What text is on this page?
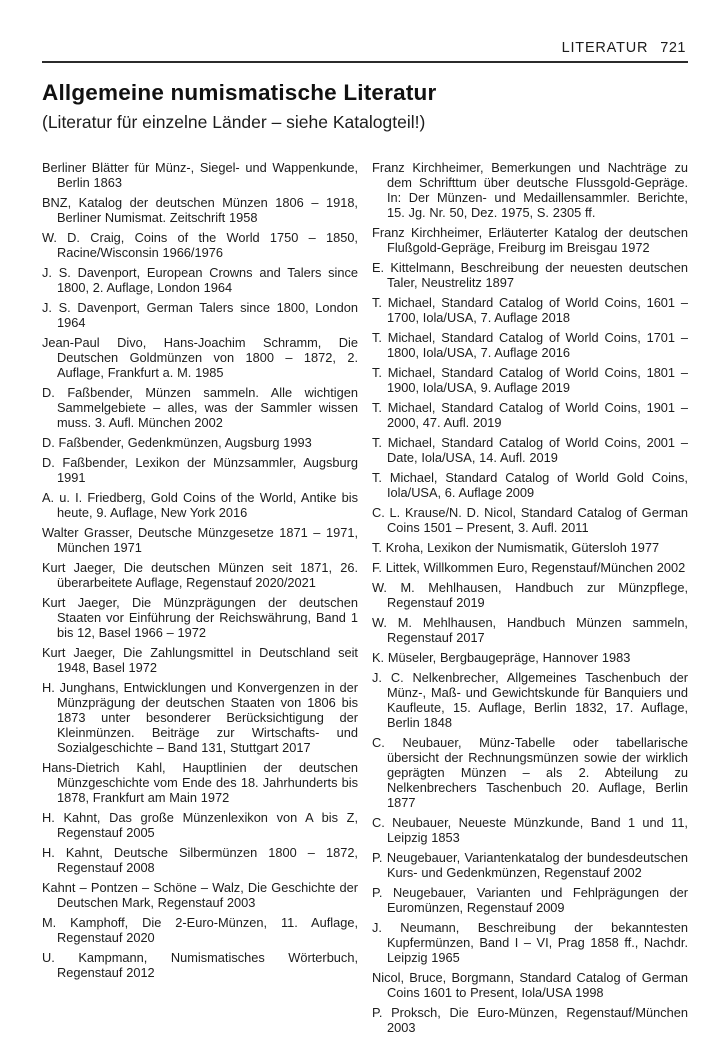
LITERATUR 721
Allgemeine numismatische Literatur

(Literatur für einzelne Länder – siehe Katalogteil!)

Berliner Blätter für Münz-, Siegel- und Wappenkunde, Berlin 1863

BNZ, Katalog der deutschen Münzen 1806 – 1918, Berliner Numismat. Zeitschrift 1958

W. D. Craig, Coins of the World 1750 – 1850, Racine/Wisconsin 1966/1976

J. S. Davenport, European Crowns and Talers since 1800, 2. Auflage, London 1964

J. S. Davenport, German Talers since 1800, London 1964

Jean-Paul Divo, Hans-Joachim Schramm, Die Deutschen Goldmünzen von 1800 – 1872, 2. Auflage, Frankfurt a. M. 1985

D. Faßbender, Münzen sammeln. Alle wichtigen Sammelgebiete – alles, was der Sammler wissen muss. 3. Aufl. München 2002

D. Faßbender, Gedenkmünzen, Augsburg 1993

D. Faßbender, Lexikon der Münzsammler, Augsburg 1991

A. u. I. Friedberg, Gold Coins of the World, Antike bis heute, 9. Auflage, New York 2016

Walter Grasser, Deutsche Münzgesetze 1871 – 1971, München 1971

Kurt Jaeger, Die deutschen Münzen seit 1871, 26. überarbeitete Auflage, Regenstauf 2020/2021

Kurt Jaeger, Die Münzprägungen der deutschen Staaten vor Einführung der Reichswährung, Band 1 bis 12, Basel 1966 – 1972

Kurt Jaeger, Die Zahlungsmittel in Deutschland seit 1948, Basel 1972

H. Junghans, Entwicklungen und Konvergenzen in der Münzprägung der deutschen Staaten von 1806 bis 1873 unter besonderer Berücksichtigung der Kleinmünzen. Beiträge zur Wirtschafts- und Sozialgeschichte – Band 131, Stuttgart 2017

Hans-Dietrich Kahl, Hauptlinien der deutschen Münzgeschichte vom Ende des 18. Jahrhunderts bis 1878, Frankfurt am Main 1972

H. Kahnt, Das große Münzenlexikon von A bis Z, Regenstauf 2005

H. Kahnt, Deutsche Silbermünzen 1800 – 1872, Regenstauf 2008

Kahnt – Pontzen – Schöne – Walz, Die Geschichte der Deutschen Mark, Regenstauf 2003

M. Kamphoff, Die 2-Euro-Münzen, 11. Auflage, Regenstauf 2020

U. Kampmann, Numismatisches Wörterbuch, Regenstauf 2012

Franz Kirchheimer, Bemerkungen und Nachträge zu dem Schrifttum über deutsche Flussgold-Gepräge. In: Der Münzen- und Medaillensammler. Berichte, 15. Jg. Nr. 50, Dez. 1975, S. 2305 ff.

Franz Kirchheimer, Erläuterter Katalog der deutschen Flußgold-Gepräge, Freiburg im Breisgau 1972

E. Kittelmann, Beschreibung der neuesten deutschen Taler, Neustrelitz 1897

T. Michael, Standard Catalog of World Coins, 1601 – 1700, Iola/USA, 7. Auflage 2018

T. Michael, Standard Catalog of World Coins, 1701 – 1800, Iola/USA, 7. Auflage 2016

T. Michael, Standard Catalog of World Coins, 1801 – 1900, Iola/USA, 9. Auflage 2019

T. Michael, Standard Catalog of World Coins, 1901 – 2000, 47. Aufl. 2019

T. Michael, Standard Catalog of World Coins, 2001 – Date, Iola/USA, 14. Aufl. 2019

T. Michael, Standard Catalog of World Gold Coins, Iola/USA, 6. Auflage 2009

C. L. Krause/N. D. Nicol, Standard Catalog of German Coins 1501 – Present, 3. Aufl. 2011

T. Kroha, Lexikon der Numismatik, Gütersloh 1977

F. Littek, Willkommen Euro, Regenstauf/München 2002

W. M. Mehlhausen, Handbuch zur Münzpflege, Regenstauf 2019

W. M. Mehlhausen, Handbuch Münzen sammeln, Regenstauf 2017

K. Müseler, Bergbaugepräge, Hannover 1983

J. C. Nelkenbrecher, Allgemeines Taschenbuch der Münz-, Maß- und Gewichtskunde für Banquiers und Kaufleute, 15. Auflage, Berlin 1832, 17. Auflage, Berlin 1848

C. Neubauer, Münz-Tabelle oder tabellarische übersicht der Rechnungsmünzen sowie der wirklich geprägten Münzen – als 2. Abteilung zu Nelkenbrechers Taschenbuch 20. Auflage, Berlin 1877

C. Neubauer, Neueste Münzkunde, Band 1 und 11, Leipzig 1853

P. Neugebauer, Variantenkatalog der bundesdeutschen Kurs- und Gedenkmünzen, Regenstauf 2002

P. Neugebauer, Varianten und Fehlprägungen der Euromünzen, Regenstauf 2009

J. Neumann, Beschreibung der bekanntesten Kupfermünzen, Band I – VI, Prag 1858 ff., Nachdr. Leipzig 1965

Nicol, Bruce, Borgmann, Standard Catalog of German Coins 1601 to Present, Iola/USA 1998

P. Proksch, Die Euro-Münzen, Regenstauf/München 2003
